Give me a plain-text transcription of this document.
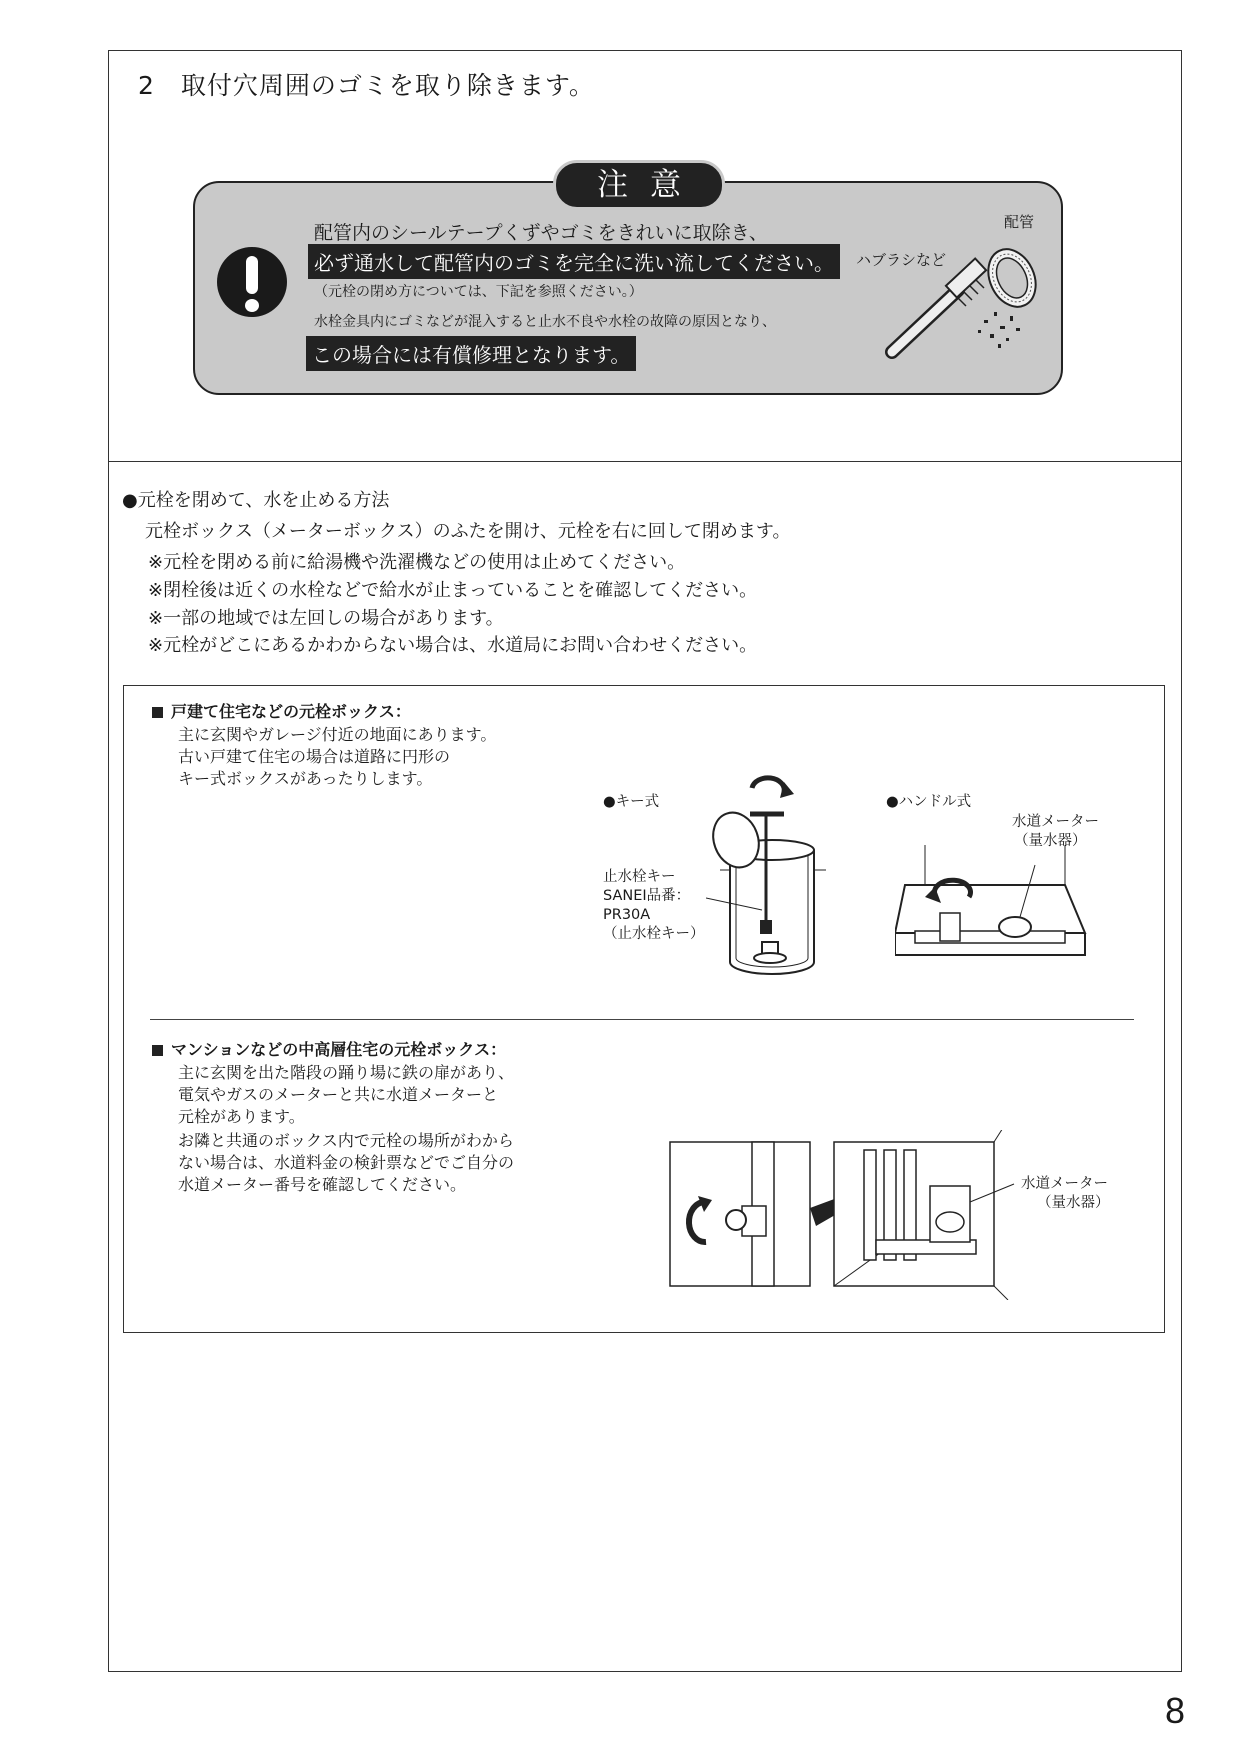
2　取付穴周囲のゴミを取り除きます。
注意
配管内のシールテープくずやゴミをきれいに取除き、
必ず通水して配管内のゴミを完全に洗い流してください。
（元栓の閉め方については、下記を参照ください。）
水栓金具内にゴミなどが混入すると止水不良や水栓の故障の原因となり、
この場合には有償修理となります。
ハブラシなど
配管
●元栓を閉めて、水を止める方法
元栓ボックス（メーターボックス）のふたを開け、元栓を右に回して閉めます。
※元栓を閉める前に給湯機や洗濯機などの使用は止めてください。
※閉栓後は近くの水栓などで給水が止まっていることを確認してください。
※一部の地域では左回しの場合があります。
※元栓がどこにあるかわからない場合は、水道局にお問い合わせください。
戸建て住宅などの元栓ボックス：
主に玄関やガレージ付近の地面にあります。
古い戸建て住宅の場合は道路に円形の
キー式ボックスがあったりします。
●キー式	●ハンドル式
止水栓キー
SANEI品番：
PR30A
（止水栓キー）
水道メーター
（量水器）
マンションなどの中高層住宅の元栓ボックス：
主に玄関を出た階段の踊り場に鉄の扉があり、
電気やガスのメーターと共に水道メーターと
元栓があります。
お隣と共通のボックス内で元栓の場所がわから
ない場合は、水道料金の検針票などでご自分の
水道メーター番号を確認してください。	水道メーター
（量水器）
8
